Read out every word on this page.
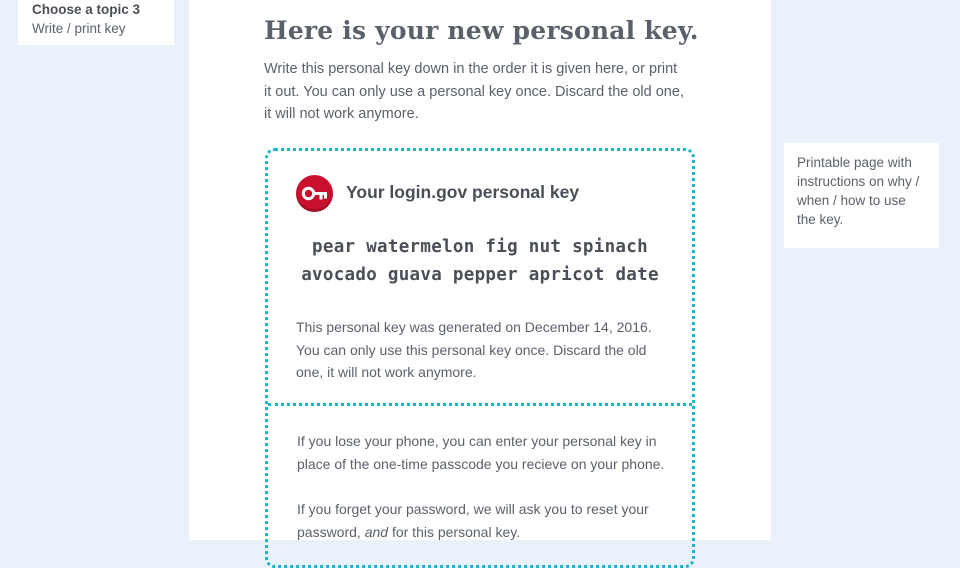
Choose a topic 3
Write / print key	Here is your new personal key.

Write this personal key down in the order it is given here, or print it out. You can only use a personal key once. Discard the old one, it will not work anymore.

Your login.gov personal key
pear watermelon fig nut spinach
avocado guava pepper apricot date

This personal key was generated on December 14, 2016. You can only use this personal key once. Discard the old one, it will not work anymore.

If you lose your phone, you can enter your personal key in place of the one-time passcode you recieve on your phone.

If you forget your password, we will ask you to reset your password, and for this personal key.

Printable page with instructions on why / when / how to use the key.
